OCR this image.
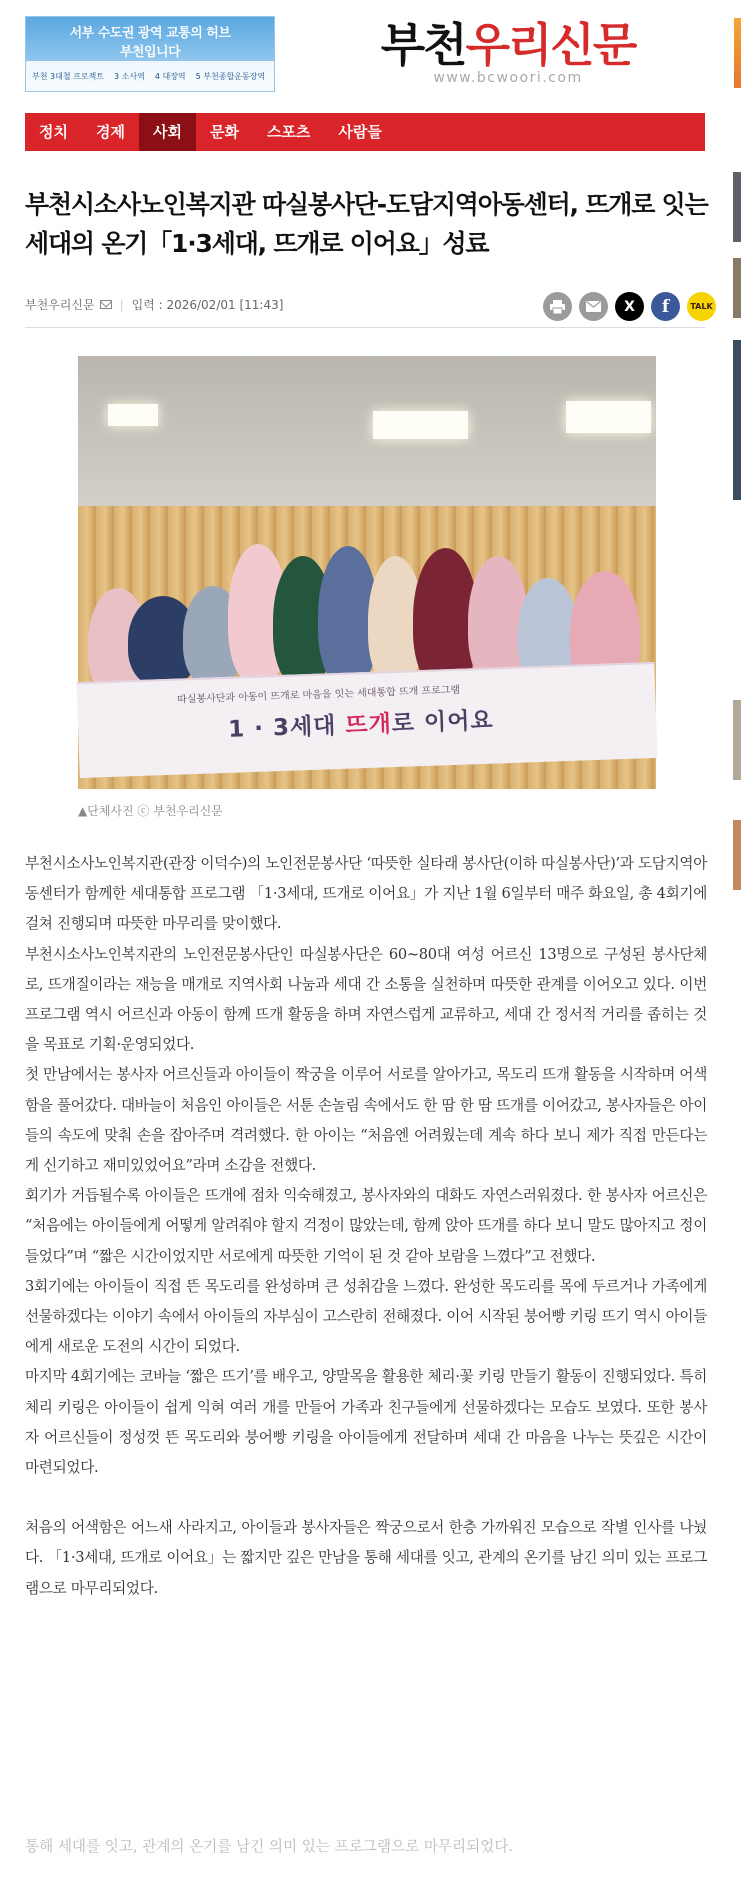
서부 수도권 광역 교통의 허브
부천입니다
부천 3대철 프로젝트 3 소사역 4 대장역 5 부천종합운동장역
부천우리신문
www.bcwoori.com
정치	경제	사회	문화	스포츠	사람들
부천시소사노인복지관 따실봉사단-도담지역아동센터, 뜨개로 잇는 세대의 온기「1·3세대, 뜨개로 이어요」성료
부천우리신문 | 입력 : 2026/02/01 [11:43]	X	f	TALK
따실봉사단과 아동이 뜨개로 마음을 잇는 세대통합 뜨개 프로그램
1 · 3세대 뜨개로 이어요
▲단체사진 ⓒ 부천우리신문

부천시소사노인복지관(관장 이덕수)의 노인전문봉사단 ‘따뜻한 실타래 봉사단(이하 따실봉사단)’과 도담지역아동센터가 함께한 세대통합 프로그램 「1·3세대, 뜨개로 이어요」가 지난 1월 6일부터 매주 화요일, 총 4회기에 걸쳐 진행되며 따뜻한 마무리를 맞이했다.

부천시소사노인복지관의 노인전문봉사단인 따실봉사단은 60~80대 여성 어르신 13명으로 구성된 봉사단체로, 뜨개질이라는 재능을 매개로 지역사회 나눔과 세대 간 소통을 실천하며 따뜻한 관계를 이어오고 있다. 이번 프로그램 역시 어르신과 아동이 함께 뜨개 활동을 하며 자연스럽게 교류하고, 세대 간 정서적 거리를 좁히는 것을 목표로 기획·운영되었다.

첫 만남에서는 봉사자 어르신들과 아이들이 짝궁을 이루어 서로를 알아가고, 목도리 뜨개 활동을 시작하며 어색함을 풀어갔다. 대바늘이 처음인 아이들은 서툰 손놀림 속에서도 한 땀 한 땀 뜨개를 이어갔고, 봉사자들은 아이들의 속도에 맞춰 손을 잡아주며 격려했다. 한 아이는 “처음엔 어려웠는데 계속 하다 보니 제가 직접 만든다는 게 신기하고 재미있었어요”라며 소감을 전했다.

회기가 거듭될수록 아이들은 뜨개에 점차 익숙해졌고, 봉사자와의 대화도 자연스러워졌다. 한 봉사자 어르신은 “처음에는 아이들에게 어떻게 알려줘야 할지 걱정이 많았는데, 함께 앉아 뜨개를 하다 보니 말도 많아지고 정이 들었다”며 “짧은 시간이었지만 서로에게 따뜻한 기억이 된 것 같아 보람을 느꼈다”고 전했다.

3회기에는 아이들이 직접 뜬 목도리를 완성하며 큰 성취감을 느꼈다. 완성한 목도리를 목에 두르거나 가족에게 선물하겠다는 이야기 속에서 아이들의 자부심이 고스란히 전해졌다. 이어 시작된 붕어빵 키링 뜨기 역시 아이들에게 새로운 도전의 시간이 되었다.

마지막 4회기에는 코바늘 ‘짧은 뜨기’를 배우고, 양말목을 활용한 체리·꽃 키링 만들기 활동이 진행되었다. 특히 체리 키링은 아이들이 쉽게 익혀 여러 개를 만들어 가족과 친구들에게 선물하겠다는 모습도 보였다. 또한 봉사자 어르신들이 정성껏 뜬 목도리와 붕어빵 키링을 아이들에게 전달하며 세대 간 마음을 나누는 뜻깊은 시간이 마련되었다.

처음의 어색함은 어느새 사라지고, 아이들과 봉사자들은 짝궁으로서 한층 가까워진 모습으로 작별 인사를 나눴다. 「1·3세대, 뜨개로 이어요」는 짧지만 깊은 만남을 통해 세대를 잇고, 관계의 온기를 남긴 의미 있는 프로그램으로 마무리되었다.

통해 세대를 잇고, 관계의 온기를 남긴 의미 있는 프로그램으로 마무리되었다.
